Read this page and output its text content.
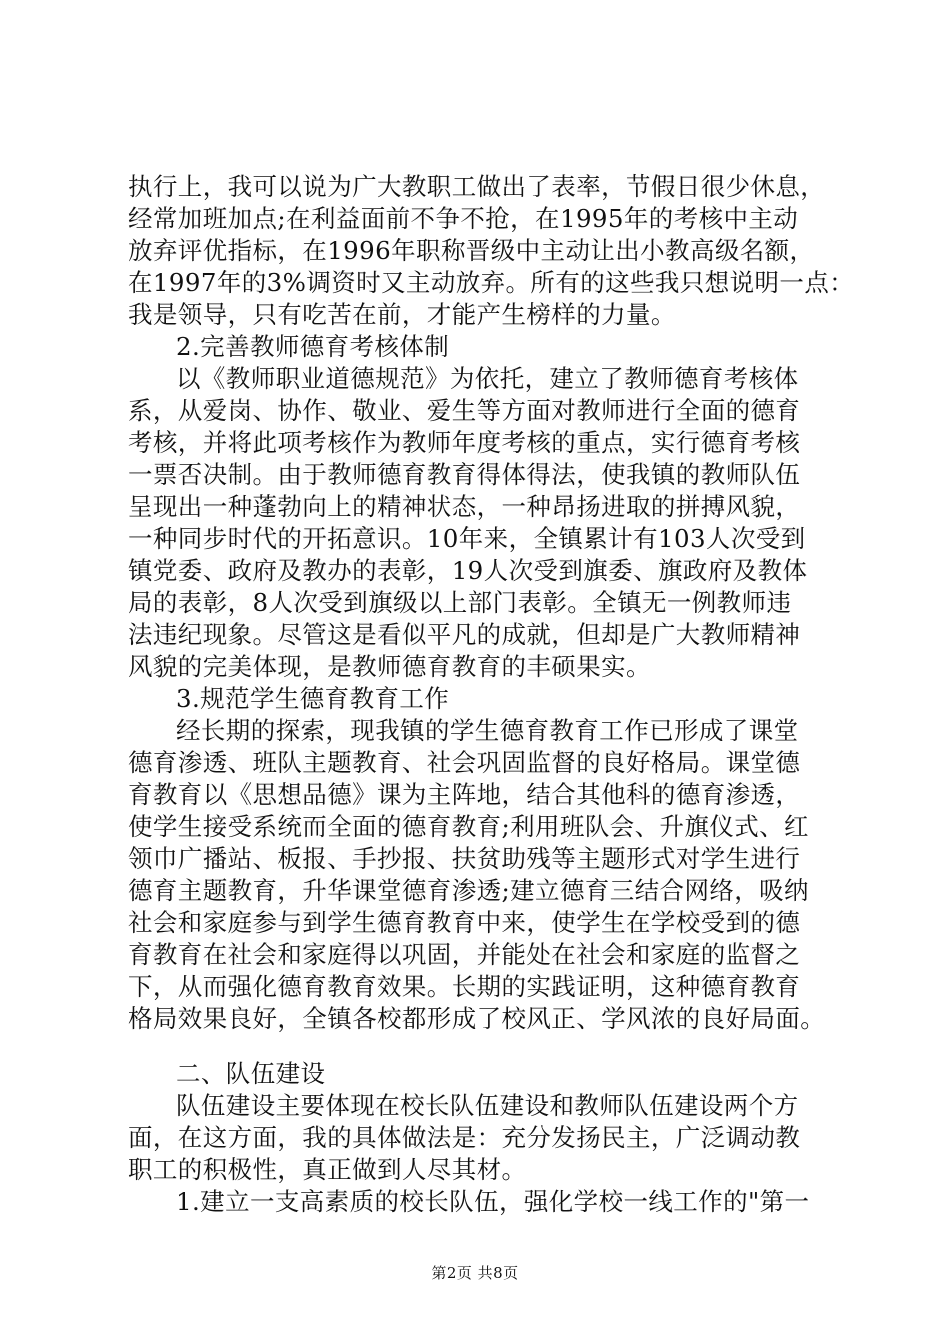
执行上，我可以说为广大教职工做出了表率，节假日很少休息，
经常加班加点;在利益面前不争不抢，在1995年的考核中主动
放弃评优指标，在1996年职称晋级中主动让出小教高级名额，
在1997年的3%调资时又主动放弃。所有的这些我只想说明一点：
我是领导，只有吃苦在前，才能产生榜样的力量。
2.完善教师德育考核体制
以《教师职业道德规范》为依托，建立了教师德育考核体
系，从爱岗、协作、敬业、爱生等方面对教师进行全面的德育
考核，并将此项考核作为教师年度考核的重点，实行德育考核
一票否决制。由于教师德育教育得体得法，使我镇的教师队伍
呈现出一种蓬勃向上的精神状态，一种昂扬进取的拼搏风貌，
一种同步时代的开拓意识。10年来，全镇累计有103人次受到
镇党委、政府及教办的表彰，19人次受到旗委、旗政府及教体
局的表彰，8人次受到旗级以上部门表彰。全镇无一例教师违
法违纪现象。尽管这是看似平凡的成就，但却是广大教师精神
风貌的完美体现，是教师德育教育的丰硕果实。
3.规范学生德育教育工作
经长期的探索，现我镇的学生德育教育工作已形成了课堂
德育渗透、班队主题教育、社会巩固监督的良好格局。课堂德
育教育以《思想品德》课为主阵地，结合其他科的德育渗透，
使学生接受系统而全面的德育教育;利用班队会、升旗仪式、红
领巾广播站、板报、手抄报、扶贫助残等主题形式对学生进行
德育主题教育，升华课堂德育渗透;建立德育三结合网络，吸纳
社会和家庭参与到学生德育教育中来，使学生在学校受到的德
育教育在社会和家庭得以巩固，并能处在社会和家庭的监督之
下，从而强化德育教育效果。长期的实践证明，这种德育教育
格局效果良好，全镇各校都形成了校风正、学风浓的良好局面。
二、队伍建设
队伍建设主要体现在校长队伍建设和教师队伍建设两个方
面，在这方面，我的具体做法是：充分发扬民主，广泛调动教
职工的积极性，真正做到人尽其材。
1.建立一支高素质的校长队伍，强化学校一线工作的"第一
第2页 共8页
